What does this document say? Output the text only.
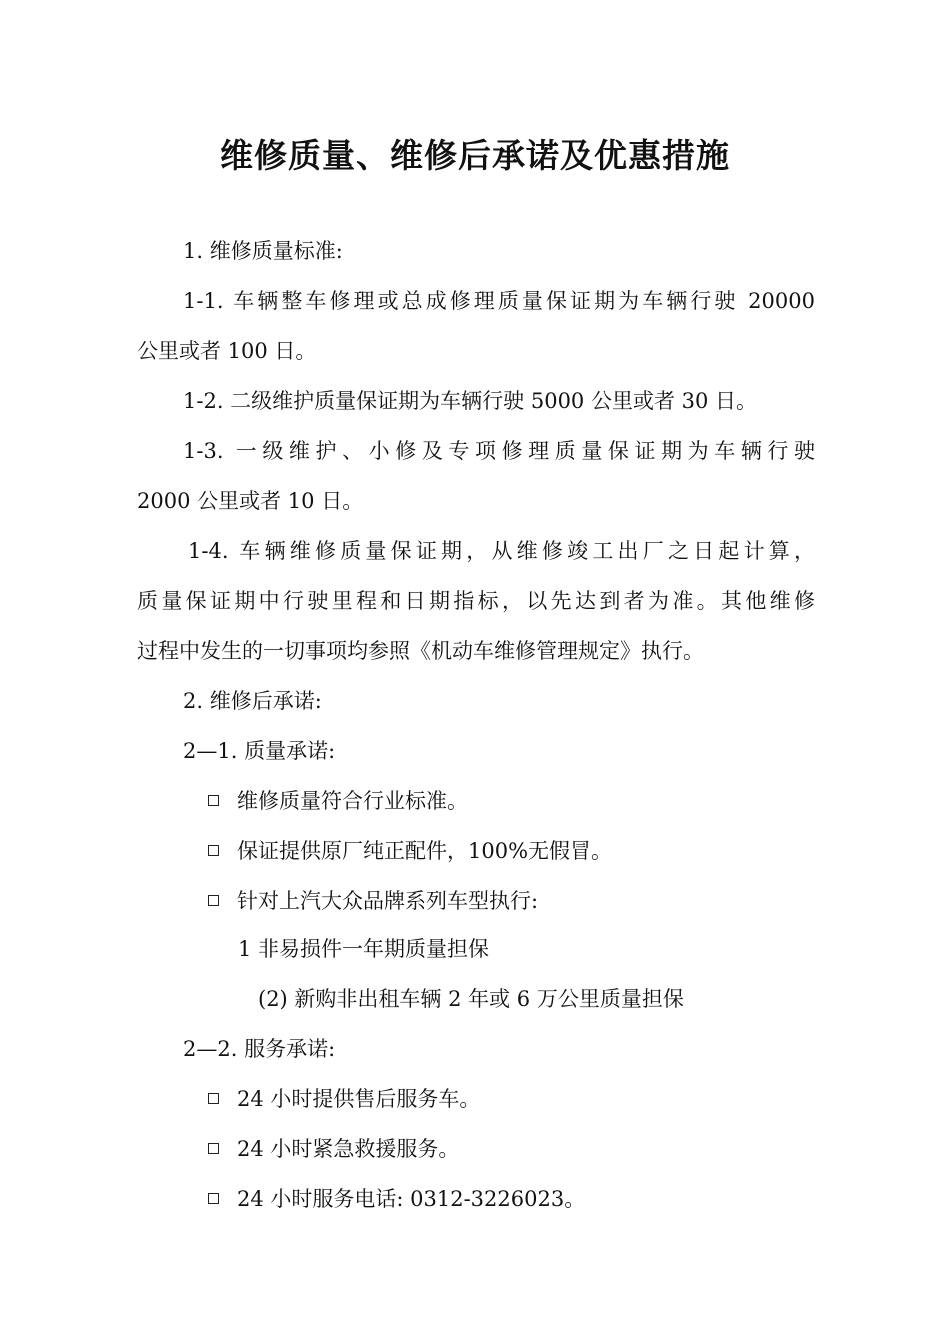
维修质量、维修后承诺及优惠措施
1. 维修质量标准:
1-1. 车辆整车修理或总成修理质量保证期为车辆行驶 20000
公里或者 100 日。
1-2. 二级维护质量保证期为车辆行驶 5000 公里或者 30 日。
1-3. 一级维护、小修及专项修理质量保证期为车辆行驶
2000 公里或者 10 日。
1-4. 车辆维修质量保证期，从维修竣工出厂之日起计算，
质量保证期中行驶里程和日期指标，以先达到者为准。其他维修
过程中发生的一切事项均参照《机动车维修管理规定》执行。
2. 维修后承诺:
2—1. 质量承诺:
维修质量符合行业标准。
保证提供原厂纯正配件，100%无假冒。
针对上汽大众品牌系列车型执行:
1 非易损件一年期质量担保
(2) 新购非出租车辆 2 年或 6 万公里质量担保
2—2. 服务承诺:
24 小时提供售后服务车。
24 小时紧急救援服务。
24 小时服务电话: 0312-3226023。
